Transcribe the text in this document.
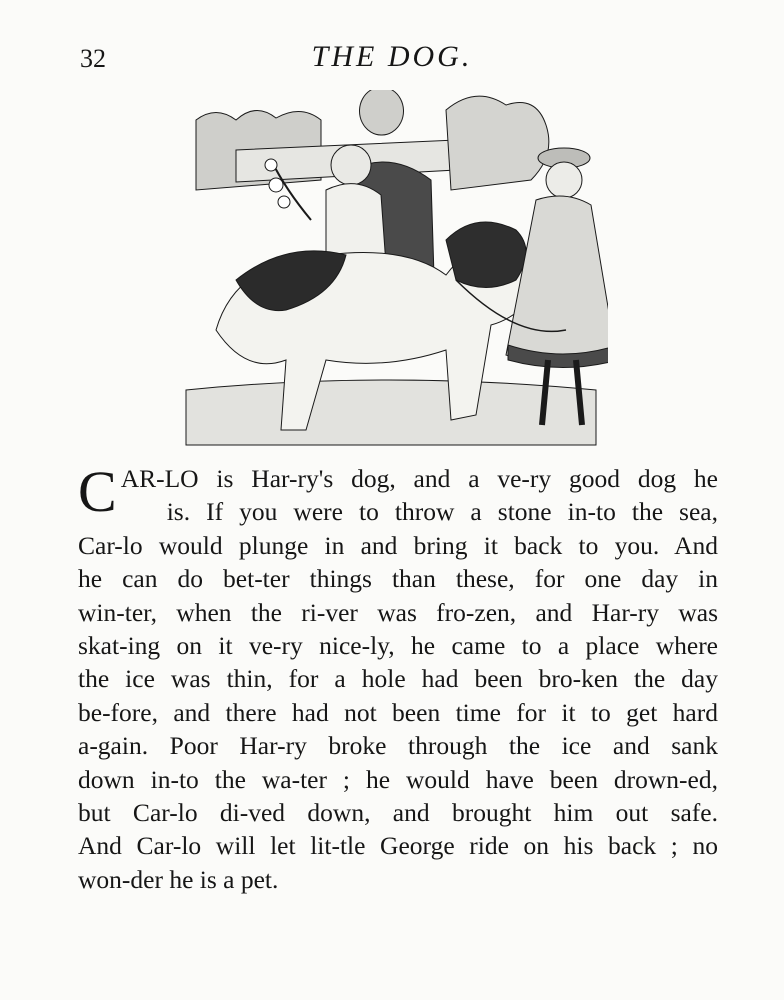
32	THE DOG.
C AR-LO is Har-ry's dog, and a ve-ry good dog he
is. If you were to throw a stone in-to the sea,
Car-lo would plunge in and bring it back to you. And
he can do bet-ter things than these, for one day in
win-ter, when the ri-ver was fro-zen, and Har-ry was
skat-ing on it ve-ry nice-ly, he came to a place where
the ice was thin, for a hole had been bro-ken the day
be-fore, and there had not been time for it to get hard
a-gain. Poor Har-ry broke through the ice and sank
down in-to the wa-ter ; he would have been drown-ed,
but Car-lo di-ved down, and brought him out safe.
And Car-lo will let lit-tle George ride on his back ; no
won-der he is a pet.
